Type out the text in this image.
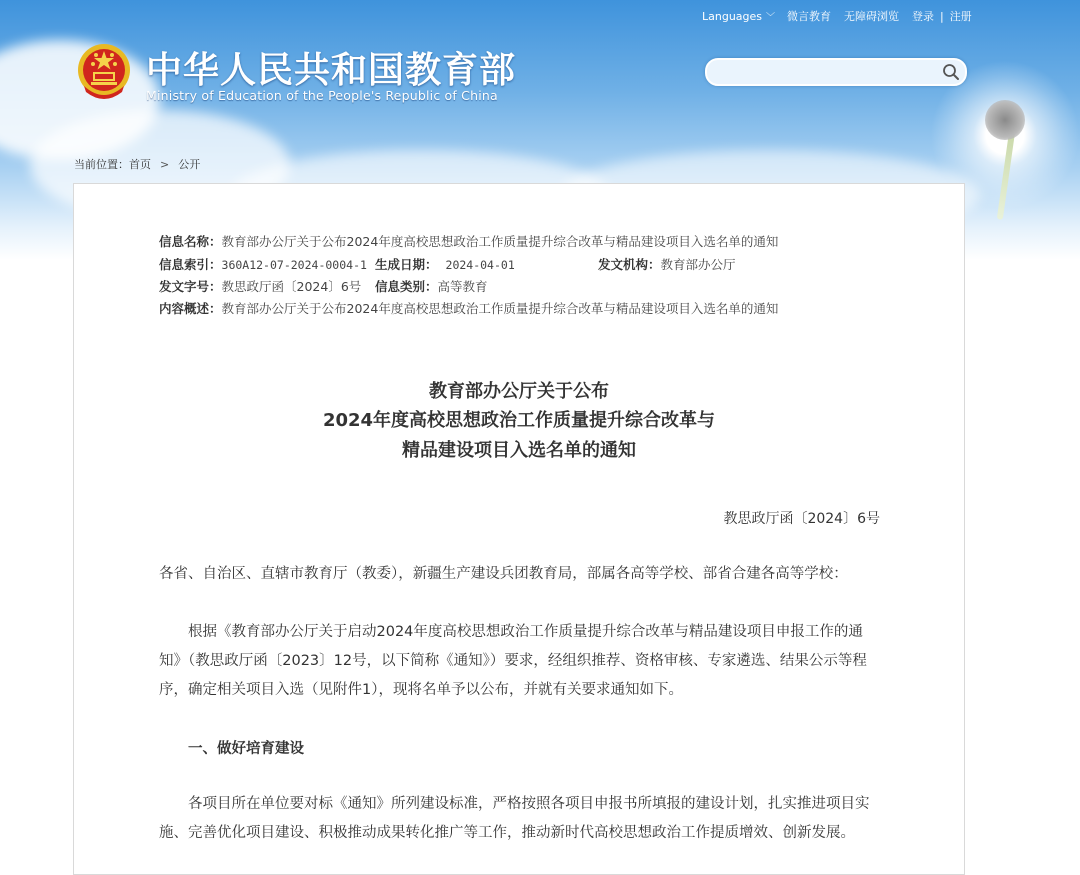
Languages ﹀ 微言教育 无障碍浏览 登录 | 注册
中华人民共和国教育部
Ministry of Education of the People's Republic of China
当前位置： 首页 > 公开
信息名称：教育部办公厅关于公布2024年度高校思想政治工作质量提升综合改革与精品建设项目入选名单的通知
信息索引：360A12-07-2024-0004-1 生成日期： 2024-04-01	发文机构：教育部办公厅
发文字号：教思政厅函〔2024〕6号 信息类别：高等教育
内容概述：教育部办公厅关于公布2024年度高校思想政治工作质量提升综合改革与精品建设项目入选名单的通知
教育部办公厅关于公布
2024年度高校思想政治工作质量提升综合改革与
精品建设项目入选名单的通知
教思政厅函〔2024〕6号
各省、自治区、直辖市教育厅（教委），新疆生产建设兵团教育局，部属各高等学校、部省合建各高等学校：
根据《教育部办公厅关于启动2024年度高校思想政治工作质量提升综合改革与精品建设项目申报工作的通知》（教思政厅函〔2023〕12号，以下简称《通知》）要求，经组织推荐、资格审核、专家遴选、结果公示等程序，确定相关项目入选（见附件1），现将名单予以公布，并就有关要求通知如下。
一、做好培育建设
各项目所在单位要对标《通知》所列建设标准，严格按照各项目申报书所填报的建设计划，扎实推进项目实施、完善优化项目建设、积极推动成果转化推广等工作，推动新时代高校思想政治工作提质增效、创新发展。
